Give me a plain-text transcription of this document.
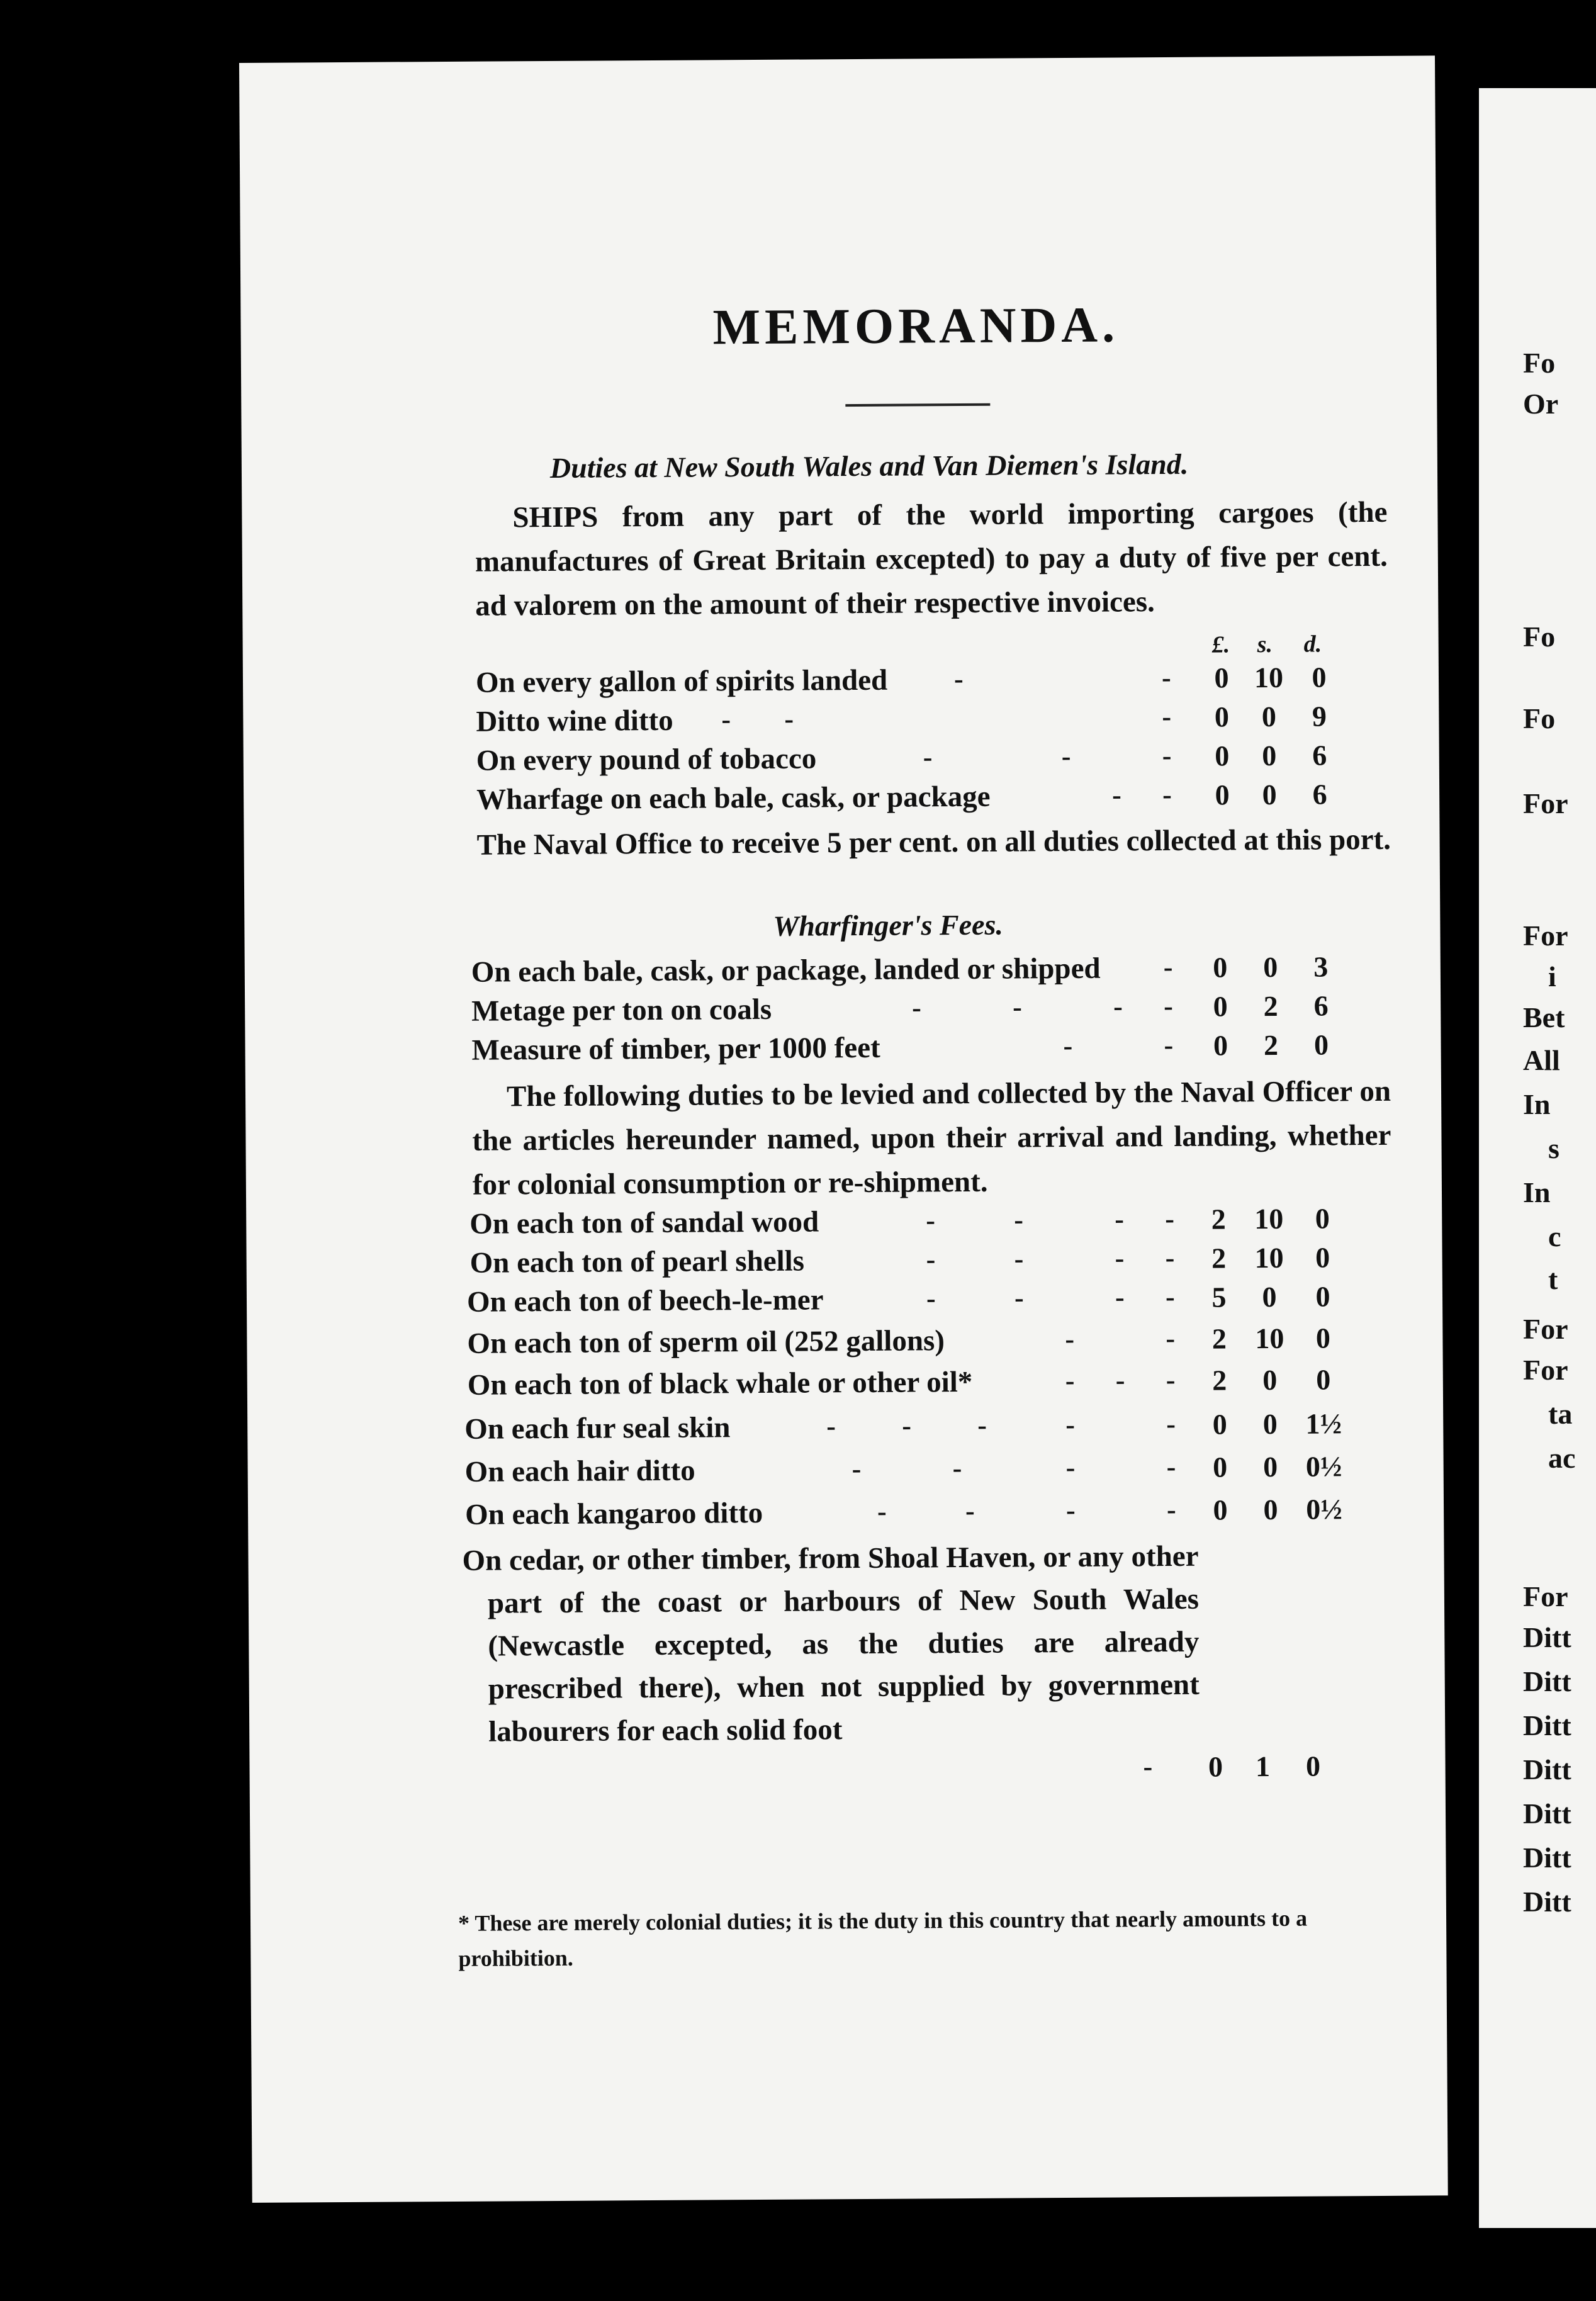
MEMORANDA.
Duties at New South Wales and Van Diemen's Island.
SHIPS from any part of the world importing cargoes (the manufactures of Great Britain excepted) to pay a duty of five per cent. ad valorem on the amount of their respective invoices.
£. s. d.
On every gallon of spirits landed -	-	0 10 0
Ditto wine ditto - -	-	0	0	9
On every pound of tobacco	-	-	-	0	0	6
Wharfage on each bale, cask, or package	- -	0	0	6
The Naval Office to receive 5 per cent. on all duties collected at this port.
Wharfinger's Fees.
On each bale, cask, or package, landed or shipped -	0	0	3
Metage per ton on coals	-	-	- -	0	2	6
Measure of timber, per 1000 feet	-	-	0	2	0
The following duties to be levied and collected by the Naval Officer on the articles hereunder named, upon their arrival and landing, whether for colonial consumption or re-shipment.
On each ton of sandal wood	-	-	- -	2 10	0
On each ton of pearl shells	-	-	- -	2 10	0
On each ton of beech-le-mer	-	-	- -	5	0	0
On each ton of sperm oil (252 gallons)	-	-	2 10	0
On each ton of black whale or other oil*	- - -	2	0	0
On each fur seal skin	- - -	-	-	0	0 1½
On each hair ditto	-	-	-	-	0	0 0½
On each kangaroo ditto	-	-	-	-	0	0 0½
On cedar, or other timber, from Shoal Haven, or any other part of the coast or harbours of New South Wales (Newcastle excepted, as the duties are already prescribed there), when not supplied by government labourers for each solid foot
-	0	1	0
* These are merely colonial duties; it is the duty in this country that nearly amounts to a prohibition.
Fo
Or
Fo
Fo
For
For
i
Bet
All
In
s
In
c
t
For
For
ta
ac
For
Ditt
Ditt
Ditt
Ditt
Ditt
Ditt
Ditt
